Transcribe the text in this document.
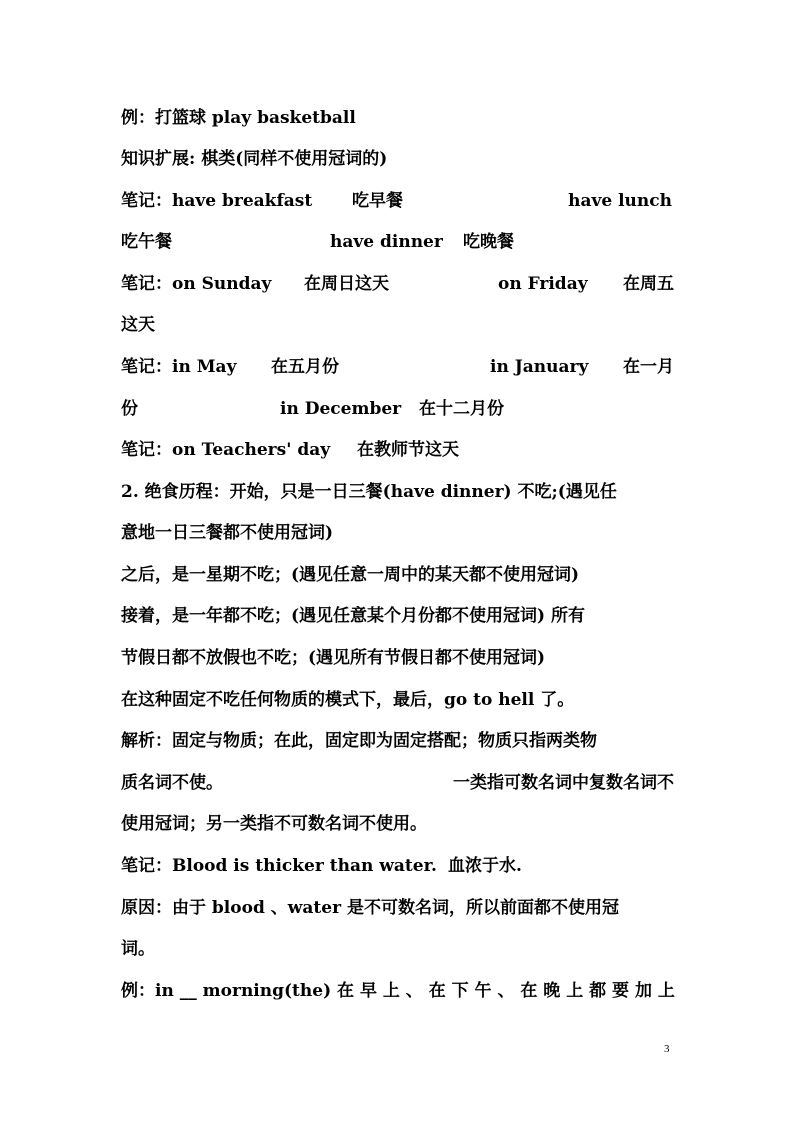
例：打篮球 play basketball
知识扩展: 棋类(同样不使用冠词的)
笔记：have breakfast 吃早餐	have lunch
吃午餐	have dinner 吃晚餐
笔记：on Sunday 在周日这天	on Friday 在周五
这天
笔记：in May 在五月份	in January 在一月
份	in December 在十二月份
笔记：on Teachers' day 在教师节这天
2. 绝食历程：开始，只是一日三餐(have dinner) 不吃;(遇见任
意地一日三餐都不使用冠词)
之后，是一星期不吃；(遇见任意一周中的某天都不使用冠词)
接着，是一年都不吃；(遇见任意某个月份都不使用冠词) 所有
节假日都不放假也不吃；(遇见所有节假日都不使用冠词)
在这种固定不吃任何物质的模式下，最后，go to hell 了。
解析：固定与物质；在此，固定即为固定搭配；物质只指两类物
质名词不使。	一类指可数名词中复数名词不
使用冠词；另一类指不可数名词不使用。
笔记：Blood is thicker than water. 血浓于水.
原因：由于 blood 、water 是不可数名词，所以前面都不使用冠
词。
例：in __ morning(the) 在 早 上 、 在 下 午 、 在 晚 上 都 要 加 上
3
